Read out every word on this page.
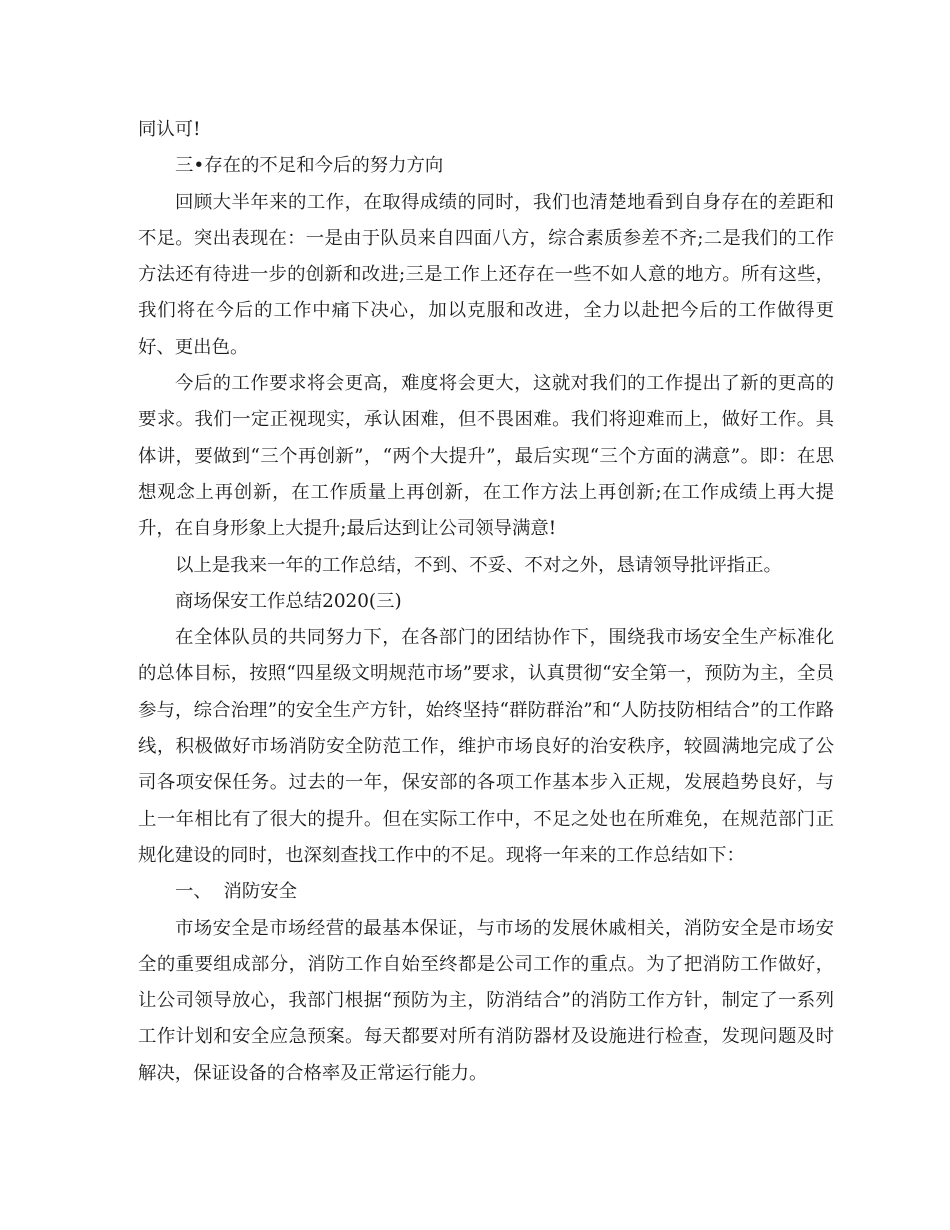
同认可!

三•存在的不足和今后的努力方向

回顾大半年来的工作，在取得成绩的同时，我们也清楚地看到自身存在的差距和不足。突出表现在：一是由于队员来自四面八方，综合素质参差不齐;二是我们的工作方法还有待进一步的创新和改进;三是工作上还存在一些不如人意的地方。所有这些，我们将在今后的工作中痛下决心，加以克服和改进，全力以赴把今后的工作做得更好、更出色。

今后的工作要求将会更高，难度将会更大，这就对我们的工作提出了新的更高的要求。我们一定正视现实，承认困难，但不畏困难。我们将迎难而上，做好工作。具体讲，要做到“三个再创新”，“两个大提升”，最后实现“三个方面的满意”。即：在思想观念上再创新，在工作质量上再创新，在工作方法上再创新;在工作成绩上再大提升，在自身形象上大提升;最后达到让公司领导满意!

以上是我来一年的工作总结，不到、不妥、不对之外，恳请领导批评指正。

商场保安工作总结2020(三)

在全体队员的共同努力下，在各部门的团结协作下，围绕我市场安全生产标准化的总体目标，按照“四星级文明规范市场”要求，认真贯彻“安全第一，预防为主，全员参与，综合治理”的安全生产方针，始终坚持“群防群治”和“人防技防相结合”的工作路线，积极做好市场消防安全防范工作，维护市场良好的治安秩序，较圆满地完成了公司各项安保任务。过去的一年，保安部的各项工作基本步入正规，发展趋势良好，与上一年相比有了很大的提升。但在实际工作中，不足之处也在所难免，在规范部门正规化建设的同时，也深刻查找工作中的不足。现将一年来的工作总结如下：

一、  消防安全

市场安全是市场经营的最基本保证，与市场的发展休戚相关，消防安全是市场安全的重要组成部分，消防工作自始至终都是公司工作的重点。为了把消防工作做好，让公司领导放心，我部门根据“预防为主，防消结合”的消防工作方针，制定了一系列工作计划和安全应急预案。每天都要对所有消防器材及设施进行检查，发现问题及时解决，保证设备的合格率及正常运行能力。
